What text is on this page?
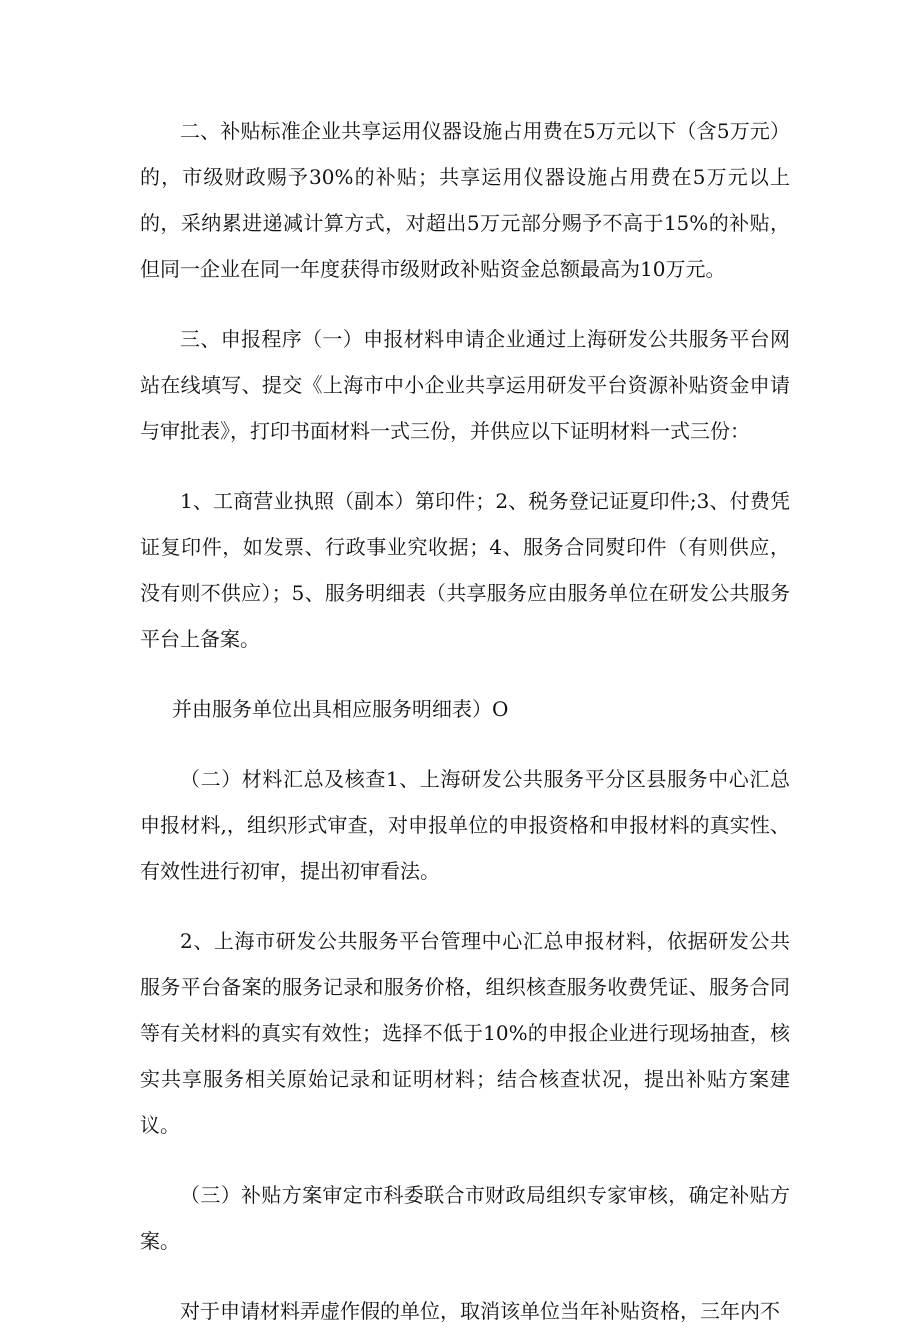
二、补贴标准企业共享运用仪器设施占用费在5万元以下（含5万元）的，市级财政赐予30%的补贴；共享运用仪器设施占用费在5万元以上的，采纳累进递减计算方式，对超出5万元部分赐予不高于15%的补贴，但同一企业在同一年度获得市级财政补贴资金总额最高为10万元。

三、申报程序（一）申报材料申请企业通过上海研发公共服务平台网站在线填写、提交《上海市中小企业共享运用研发平台资源补贴资金申请与审批表》，打印书面材料一式三份，并供应以下证明材料一式三份：

1、工商营业执照（副本）第印件；2、税务登记证夏印件;3、付费凭证复印件，如发票、行政事业究收据；4、服务合同熨印件（有则供应，没有则不供应）；5、服务明细表（共享服务应由服务单位在研发公共服务平台上备案。

并由服务单位出具相应服务明细表）O

（二）材料汇总及核查1、上海研发公共服务平分区县服务中心汇总申报材料,，组织形式审查，对申报单位的申报资格和申报材料的真实性、有效性进行初审，提出初审看法。

2、上海市研发公共服务平台管理中心汇总申报材料，依据研发公共服务平台备案的服务记录和服务价格，组织核查服务收费凭证、服务合同等有关材料的真实有效性；选择不低于10%的申报企业进行现场抽查，核实共享服务相关原始记录和证明材料；结合核查状况，提出补贴方案建议。

（三）补贴方案审定市科委联合市财政局组织专家审核，确定补贴方案。

对于申请材料弄虚作假的单位，取消该单位当年补贴资格，三年内不
